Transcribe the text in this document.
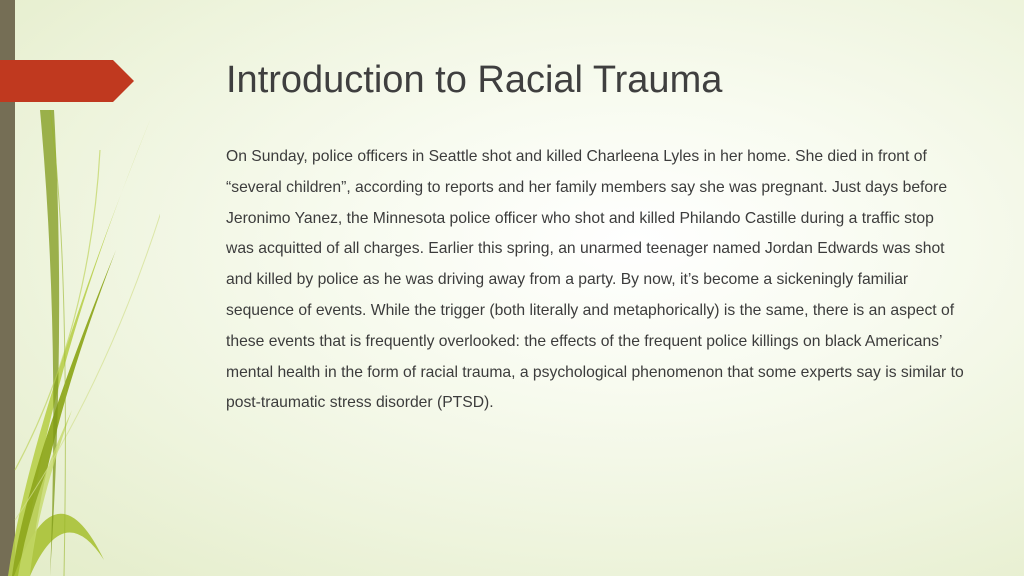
Introduction to Racial Trauma

On Sunday, police officers in Seattle shot and killed Charleena Lyles in her home. She died in front of “several children”, according to reports and her family members say she was pregnant. Just days before Jeronimo Yanez, the Minnesota police officer who shot and killed Philando Castille during a traffic stop was acquitted of all charges. Earlier this spring, an unarmed teenager named Jordan Edwards was shot and killed by police as he was driving away from a party. By now, it’s become a sickeningly familiar sequence of events. While the trigger (both literally and metaphorically) is the same, there is an aspect of these events that is frequently overlooked: the effects of the frequent police killings on black Americans’ mental health in the form of racial trauma, a psychological phenomenon that some experts say is similar to post-traumatic stress disorder (PTSD).
